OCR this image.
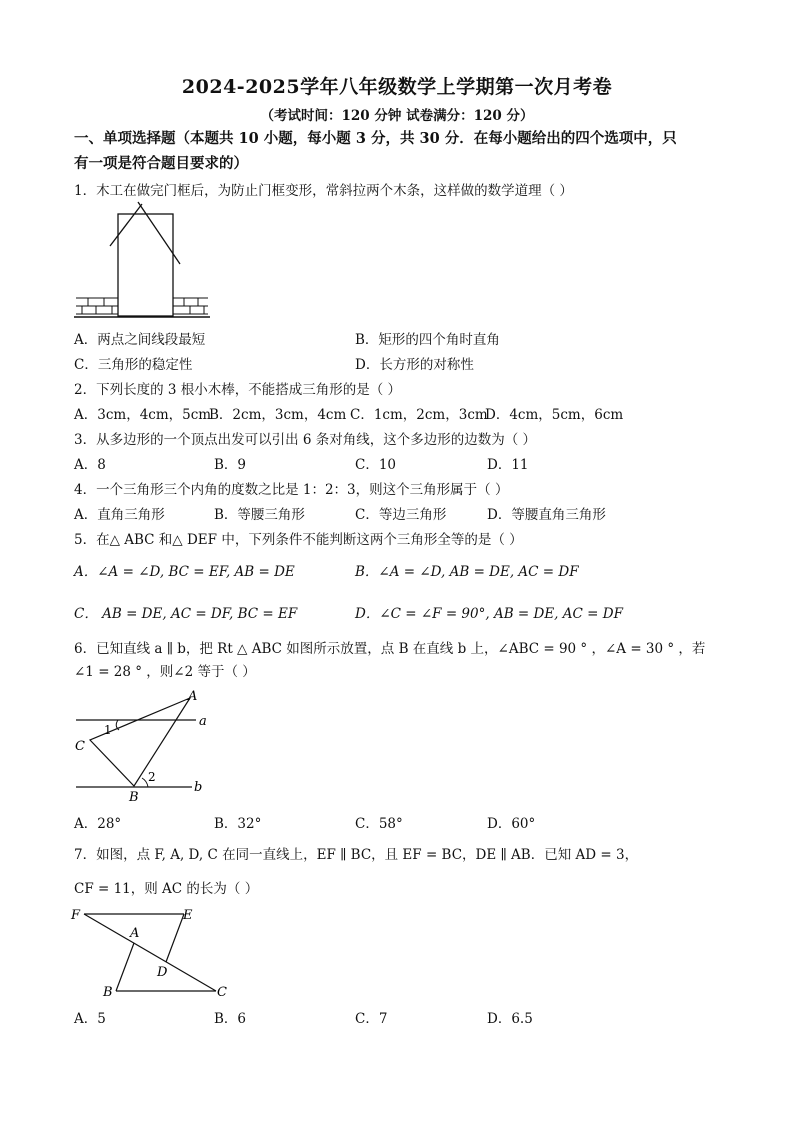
2024-2025学年八年级数学上学期第一次月考卷
（考试时间：120 分钟 试卷满分：120 分）
一、单项选择题（本题共 10 小题，每小题 3 分，共 30 分．在每小题给出的四个选项中，只
有一项是符合题目要求的）
1．木工在做完门框后，为防止门框变形，常斜拉两个木条，这样做的数学道理（ ）
A．两点之间线段最短	B．矩形的四个角时直角
C．三角形的稳定性	D．长方形的对称性
2．下列长度的 3 根小木棒，不能搭成三角形的是（ ）
A．3cm，4cm，5cm
B．2cm，3cm，4cm C．1cm，2cm，3cm
D．4cm，5cm，6cm
3．从多边形的一个顶点出发可以引出 6 条对角线，这个多边形的边数为（ ）
A．8	B．9	C．10	D．11
4．一个三角形三个内角的度数之比是 1：2：3，则这个三角形属于（ ）
A．直角三角形	B．等腰三角形	C．等边三角形	D．等腰直角三角形
5．在△ ABC 和△ DEF 中，下列条件不能判断这两个三角形全等的是（ ）
A．∠A = ∠D, BC = EF, AB = DE	B．∠A = ∠D, AB = DE, AC = DF
C． AB = DE, AC = DF, BC = EF	D．∠C = ∠F = 90°, AB = DE, AC = DF
6．已知直线 a ∥ b，把 Rt △ ABC 如图所示放置，点 B 在直线 b 上，∠ABC = 90 ° ，∠A = 30 ° ，若
∠1 = 28 ° ，则∠2 等于（ ）
A
a
1
C
2
b
B
A．28°	B．32°	C．58°	D．60°
7．如图，点 F, A, D, C 在同一直线上，EF ∥ BC，且 EF = BC，DE ∥ AB．已知 AD = 3，
CF = 11，则 AC 的长为（ ）
F	E
A
D
B	C
A．5	B．6	C．7	D．6.5
